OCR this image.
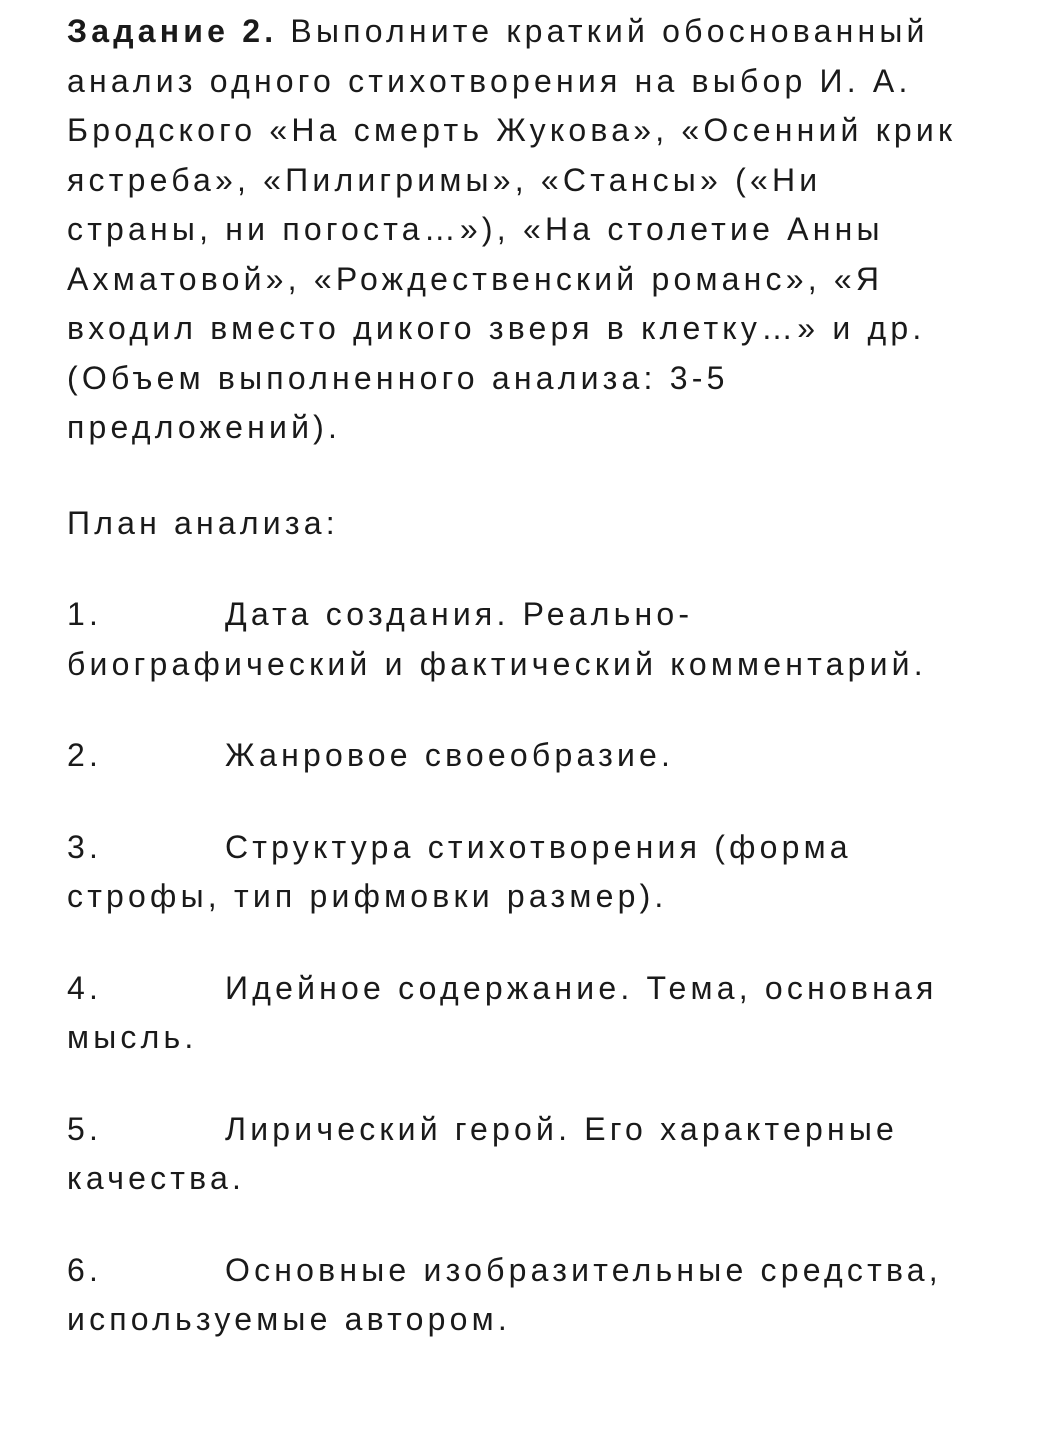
Задание 2. Выполните краткий обоснованный анализ одного стихотворения на выбор И. А. Бродского «На смерть Жукова», «Осенний крик ястреба», «Пилигримы», «Стансы» («Ни страны, ни погоста…»), «На столетие Анны Ахматовой», «Рождественский романс», «Я входил вместо дикого зверя в клетку…» и др. (Объем выполненного анализа: 3-5 предложений).

План анализа:

1.	Дата создания. Реально-биографический и фактический комментарий.
2.	Жанровое своеобразие.
3.	Структура стихотворения (форма строфы, тип рифмовки размер).
4.	Идейное содержание. Тема, основная мысль.
5.	Лирический герой. Его характерные качества.
6.	Основные изобразительные средства, используемые автором.
